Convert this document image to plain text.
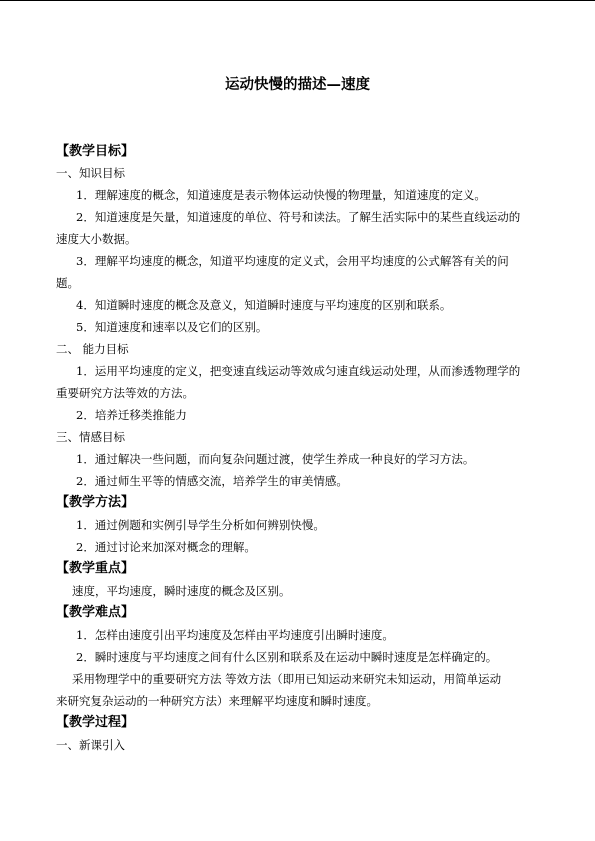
运动快慢的描述—速度
【教学目标】
一、知识目标
1．理解速度的概念，知道速度是表示物体运动快慢的物理量，知道速度的定义。
2．知道速度是矢量，知道速度的单位、符号和读法。了解生活实际中的某些直线运动的
速度大小数据。
3．理解平均速度的概念，知道平均速度的定义式，会用平均速度的公式解答有关的问
题。
4．知道瞬时速度的概念及意义，知道瞬时速度与平均速度的区别和联系。
5．知道速度和速率以及它们的区别。
二、 能力目标
1．运用平均速度的定义，把变速直线运动等效成匀速直线运动处理，从而渗透物理学的
重要研究方法等效的方法。
2．培养迁移类推能力
三、情感目标
1．通过解决一些问题，而向复杂问题过渡，使学生养成一种良好的学习方法。
2．通过师生平等的情感交流，培养学生的审美情感。
【教学方法】
1．通过例题和实例引导学生分析如何辨别快慢。
2．通过讨论来加深对概念的理解。
【教学重点】
速度，平均速度，瞬时速度的概念及区别。
【教学难点】
1．怎样由速度引出平均速度及怎样由平均速度引出瞬时速度。
2．瞬时速度与平均速度之间有什么区别和联系及在运动中瞬时速度是怎样确定的。
采用物理学中的重要研究方法 等效方法（即用已知运动来研究未知运动，用简单运动
来研究复杂运动的一种研究方法）来理解平均速度和瞬时速度。
【教学过程】
一、新课引入
